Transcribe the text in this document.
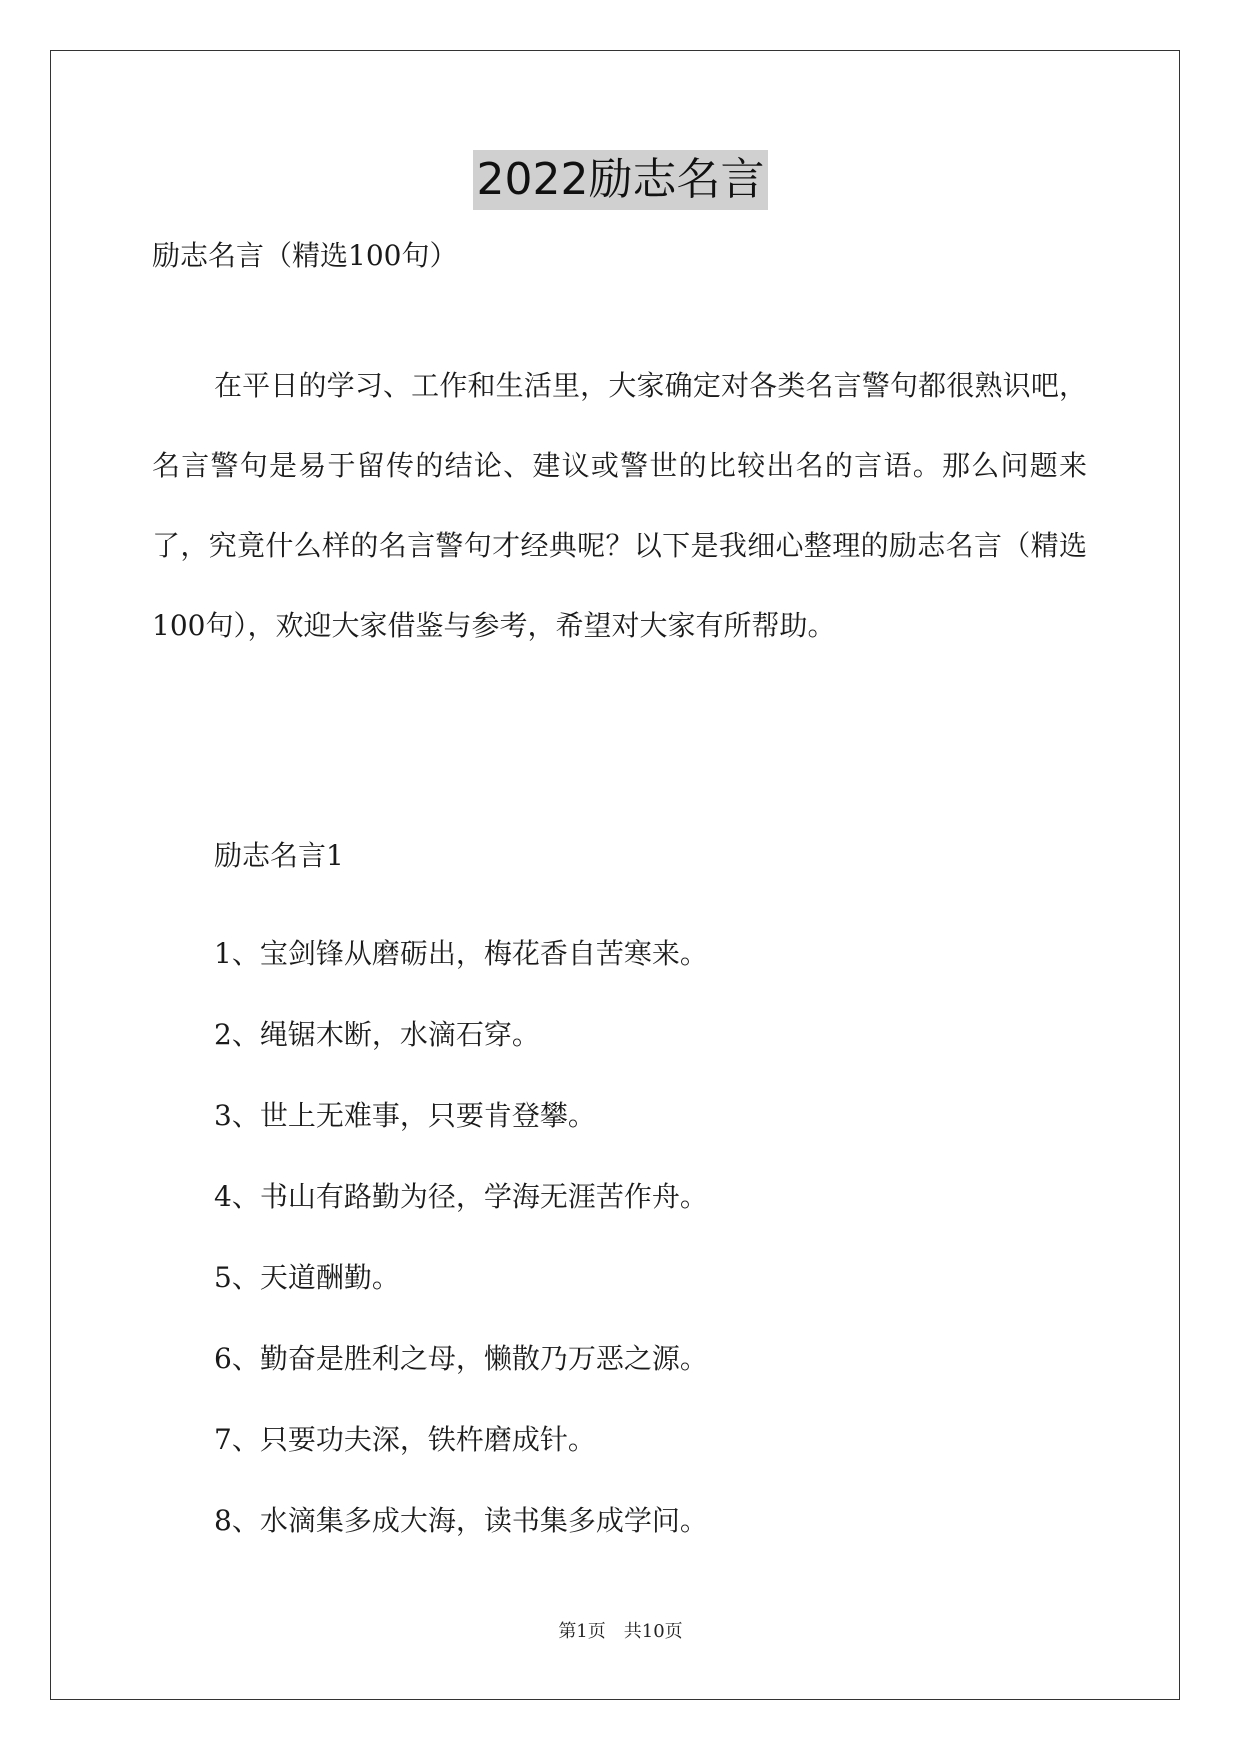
2022励志名言
励志名言（精选100句）

在平日的学习、工作和生活里，大家确定对各类名言警句都很熟识吧，名言警句是易于留传的结论、建议或警世的比较出名的言语。那么问题来了，究竟什么样的名言警句才经典呢？以下是我细心整理的励志名言（精选100句），欢迎大家借鉴与参考，希望对大家有所帮助。

励志名言1
1、宝剑锋从磨砺出，梅花香自苦寒来。
2、绳锯木断，水滴石穿。
3、世上无难事，只要肯登攀。
4、书山有路勤为径，学海无涯苦作舟。
5、天道酬勤。
6、勤奋是胜利之母，懒散乃万恶之源。
7、只要功夫深，铁杵磨成针。
8、水滴集多成大海，读书集多成学问。
第1页 共10页
